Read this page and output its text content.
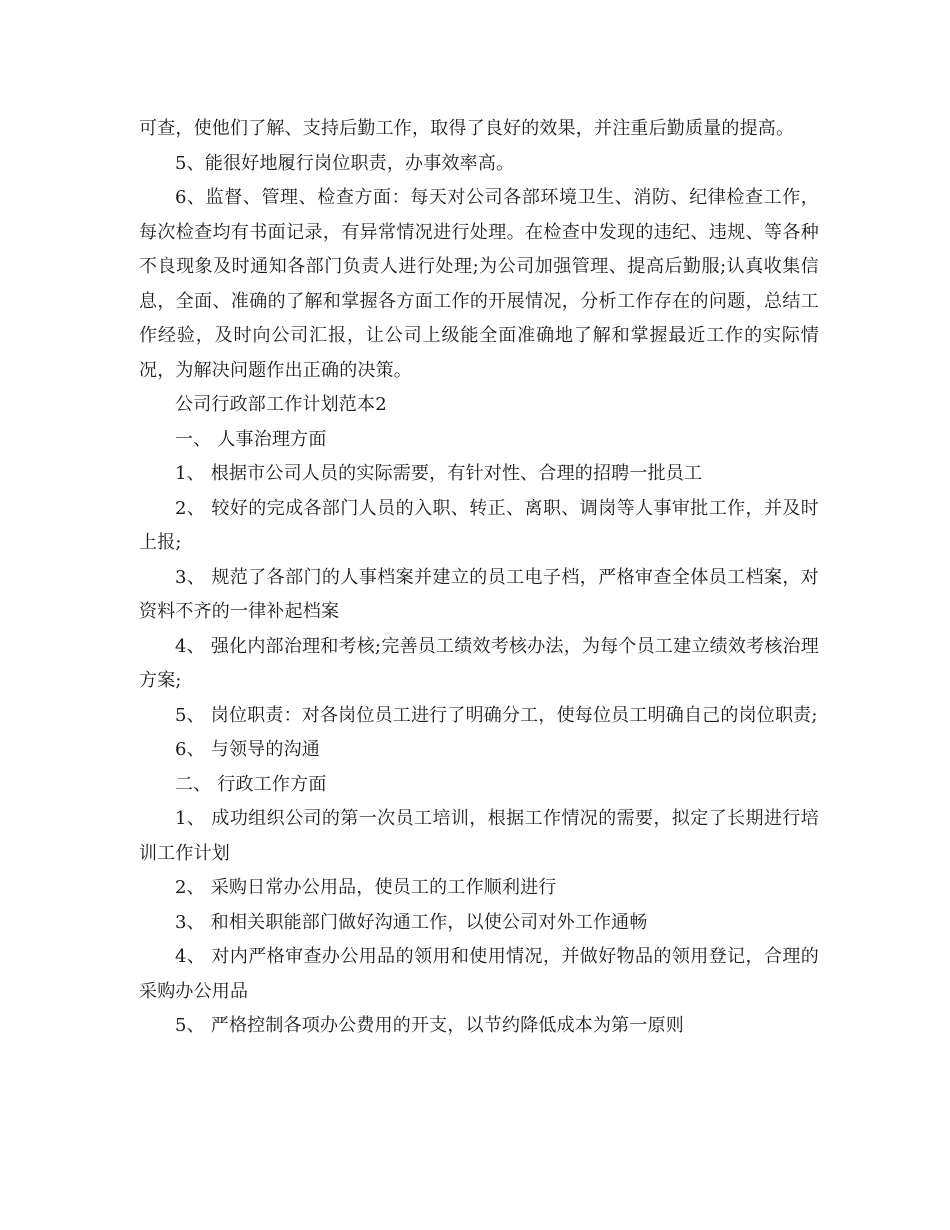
可查，使他们了解、支持后勤工作，取得了良好的效果，并注重后勤质量的提高。

5、能很好地履行岗位职责，办事效率高。

6、监督、管理、检查方面：每天对公司各部环境卫生、消防、纪律检查工作，每次检查均有书面记录，有异常情况进行处理。在检查中发现的违纪、违规、等各种不良现象及时通知各部门负责人进行处理;为公司加强管理、提高后勤服;认真收集信息，全面、准确的了解和掌握各方面工作的开展情况，分析工作存在的问题，总结工作经验，及时向公司汇报，让公司上级能全面准确地了解和掌握最近工作的实际情况，为解决问题作出正确的决策。

公司行政部工作计划范本2

一、 人事治理方面

1、 根据市公司人员的实际需要，有针对性、合理的招聘一批员工

2、 较好的完成各部门人员的入职、转正、离职、调岗等人事审批工作，并及时上报;

3、 规范了各部门的人事档案并建立的员工电子档，严格审查全体员工档案，对资料不齐的一律补起档案

4、 强化内部治理和考核;完善员工绩效考核办法，为每个员工建立绩效考核治理方案;

5、 岗位职责：对各岗位员工进行了明确分工，使每位员工明确自己的岗位职责;

6、 与领导的沟通

二、 行政工作方面

1、 成功组织公司的第一次员工培训，根据工作情况的需要，拟定了长期进行培训工作计划

2、 采购日常办公用品，使员工的工作顺利进行

3、 和相关职能部门做好沟通工作，以使公司对外工作通畅

4、 对内严格审查办公用品的领用和使用情况，并做好物品的领用登记，合理的采购办公用品

5、 严格控制各项办公费用的开支，以节约降低成本为第一原则
